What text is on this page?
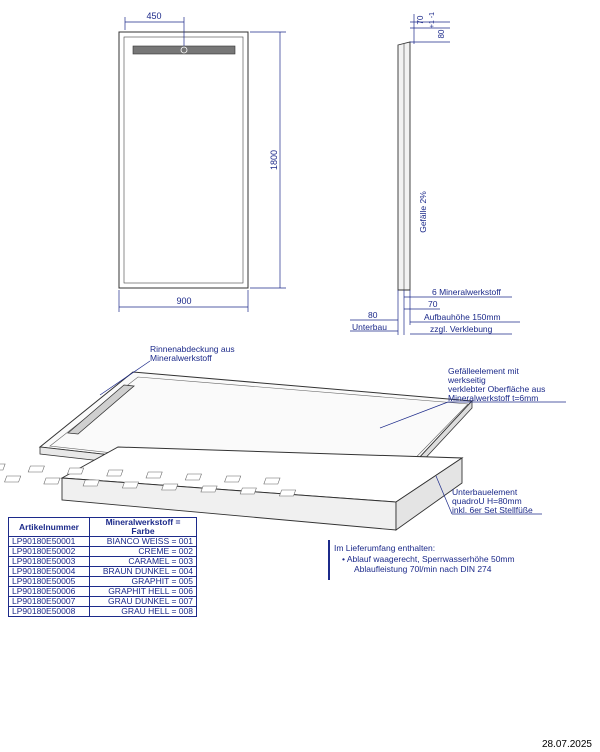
450
1800
900
70 +1 -1
80
Gefälle 2%
6 Mineralwerkstoff
70
80	Aufbauhöhe 150mm
Unterbau	zzgl. Verklebung
Rinnenabdeckung aus
Mineralwerkstoff
Gefälleelement mit
werkseitig
verklebter Oberfläche aus
Mineralwerkstoff t=6mm
Unterbauelement
quadroU H=80mm
inkl. 6er Set Stellfüße
Artikelnummer	Mineralwerkstoff =
Farbe
LP90180E50001	BIANCO WEISS = 001
LP90180E50002	CREME = 002
LP90180E50003	CARAMEL = 003
LP90180E50004	BRAUN DUNKEL = 004
LP90180E50005	GRAPHIT = 005
LP90180E50006	GRAPHIT HELL = 006
LP90180E50007	GRAU DUNKEL = 007
LP90180E50008	GRAU HELL = 008
Im Lieferumfang enthalten:
• Ablauf waagerecht, Sperrwasserhöhe 50mm
Ablaufleistung 70l/min nach DIN 274
28.07.2025
